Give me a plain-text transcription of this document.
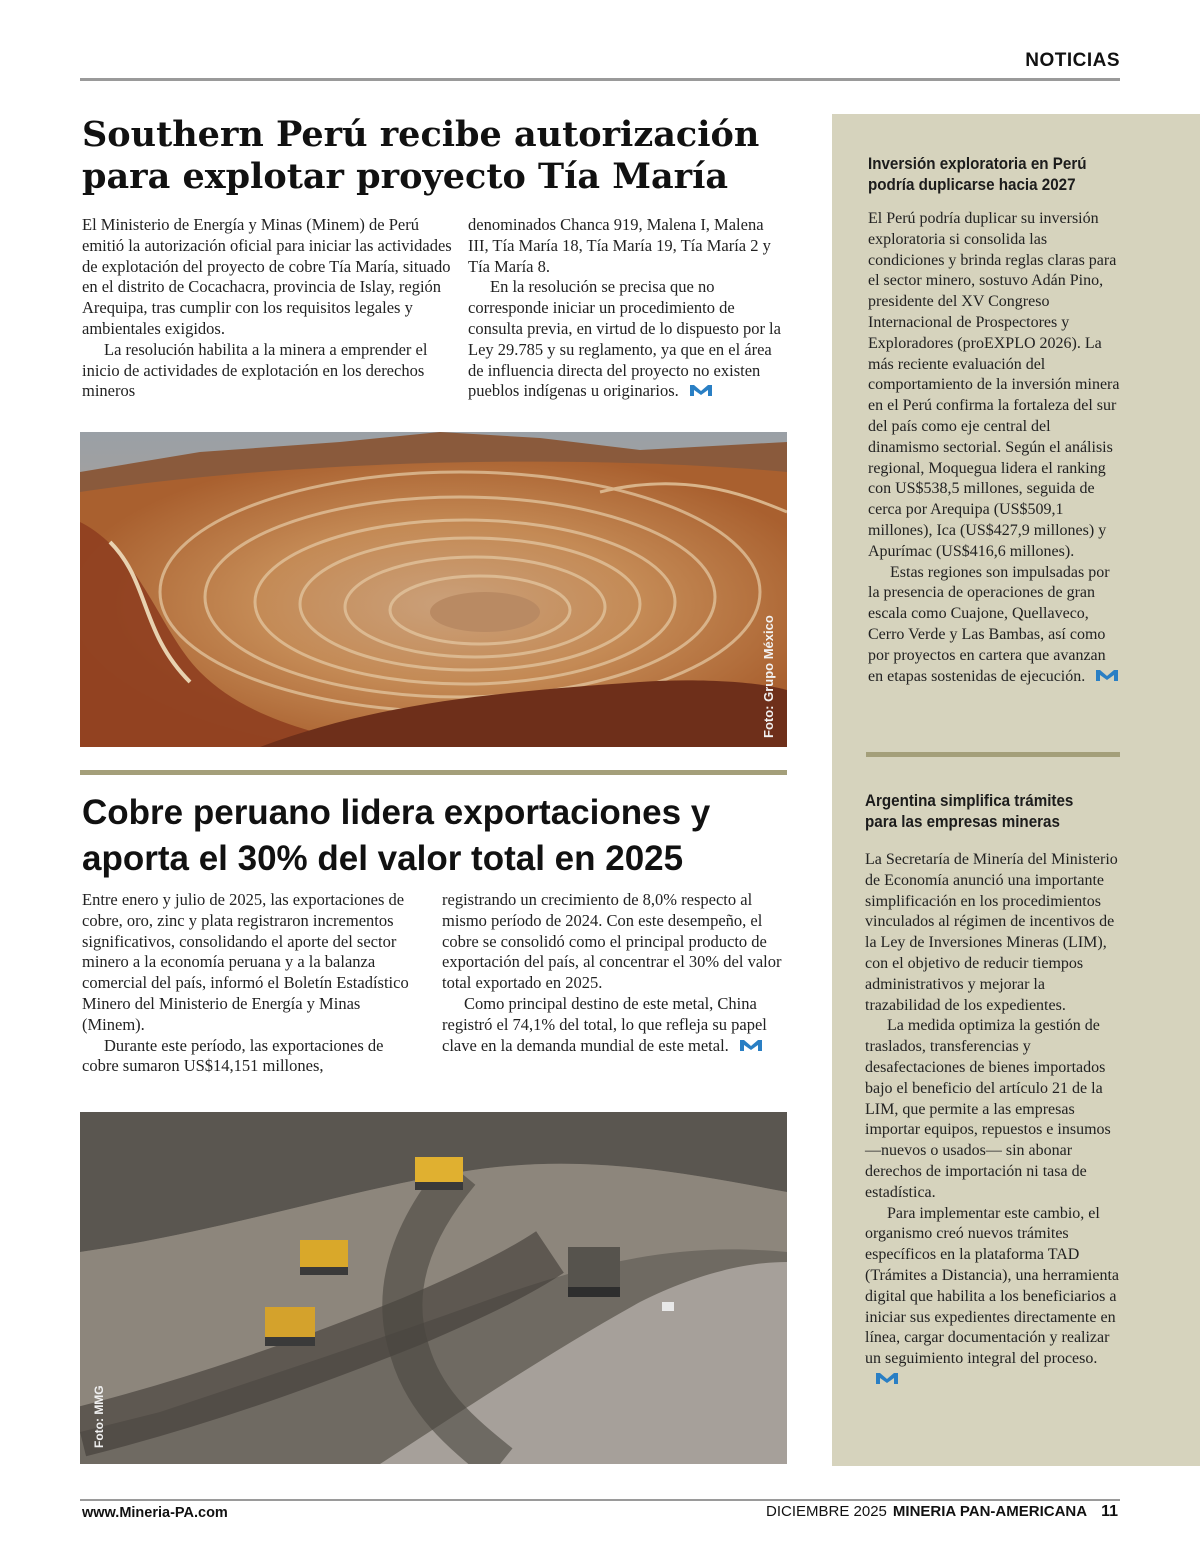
NOTICIAS
Southern Perú recibe autorización para explotar proyecto Tía María

El Ministerio de Energía y Minas (Minem) de Perú emitió la autorización oficial para iniciar las actividades de explotación del proyecto de cobre Tía María, situado en el distrito de Cocachacra, provincia de Islay, región Arequipa, tras cumplir con los requisitos legales y ambientales exigidos.

La resolución habilita a la minera a emprender el inicio de actividades de explotación en los derechos mineros

denominados Chanca 919, Malena I, Malena III, Tía María 18, Tía María 19, Tía María 2 y Tía María 8.

En la resolución se precisa que no corresponde iniciar un procedimiento de consulta previa, en virtud de lo dispuesto por la Ley 29.785 y su reglamento, ya que en el área de influencia directa del proyecto no existen pueblos indígenas u originarios.

Foto: Grupo México
Cobre peruano lidera exportaciones y aporta el 30% del valor total en 2025

Entre enero y julio de 2025, las exportaciones de cobre, oro, zinc y plata registraron incrementos significativos, consolidando el aporte del sector minero a la economía peruana y a la balanza comercial del país, informó el Boletín Estadístico Minero del Ministerio de Energía y Minas (Minem).

Durante este período, las exportaciones de cobre sumaron US$14,151 millones,

registrando un crecimiento de 8,0% respecto al mismo período de 2024. Con este desempeño, el cobre se consolidó como el principal producto de exportación del país, al concentrar el 30% del valor total exportado en 2025.

Como principal destino de este metal, China registró el 74,1% del total, lo que refleja su papel clave en la demanda mundial de este metal.

Foto: MMG
Inversión exploratoria en Perú podría duplicarse hacia 2027

El Perú podría duplicar su inversión exploratoria si consolida las condiciones y brinda reglas claras para el sector minero, sostuvo Adán Pino, presidente del XV Congreso Internacional de Prospectores y Exploradores (proEXPLO 2026). La más reciente evaluación del comportamiento de la inversión minera en el Perú confirma la fortaleza del sur del país como eje central del dinamismo sectorial. Según el análisis regional, Moquegua lidera el ranking con US$538,5 millones, seguida de cerca por Arequipa (US$509,1 millones), Ica (US$427,9 millones) y Apurímac (US$416,6 millones).

Estas regiones son impulsadas por la presencia de operaciones de gran escala como Cuajone, Quellaveco, Cerro Verde y Las Bambas, así como por proyectos en cartera que avanzan en etapas sostenidas de ejecución.

Argentina simplifica trámites para las empresas mineras

La Secretaría de Minería del Ministerio de Economía anunció una importante simplificación en los procedimientos vinculados al régimen de incentivos de la Ley de Inversiones Mineras (LIM), con el objetivo de reducir tiempos administrativos y mejorar la trazabilidad de los expedientes.

La medida optimiza la gestión de traslados, transferencias y desafectaciones de bienes importados bajo el beneficio del artículo 21 de la LIM, que permite a las empresas importar equipos, repuestos e insumos —nuevos o usados— sin abonar derechos de importación ni tasa de estadística.

Para implementar este cambio, el organismo creó nuevos trámites específicos en la plataforma TAD (Trámites a Distancia), una herramienta digital que habilita a los beneficiarios a iniciar sus expedientes directamente en línea, cargar documentación y realizar un seguimiento integral del proceso.

www.Mineria-PA.com	DICIEMBRE 2025 MINERIA PAN-AMERICANA 11
